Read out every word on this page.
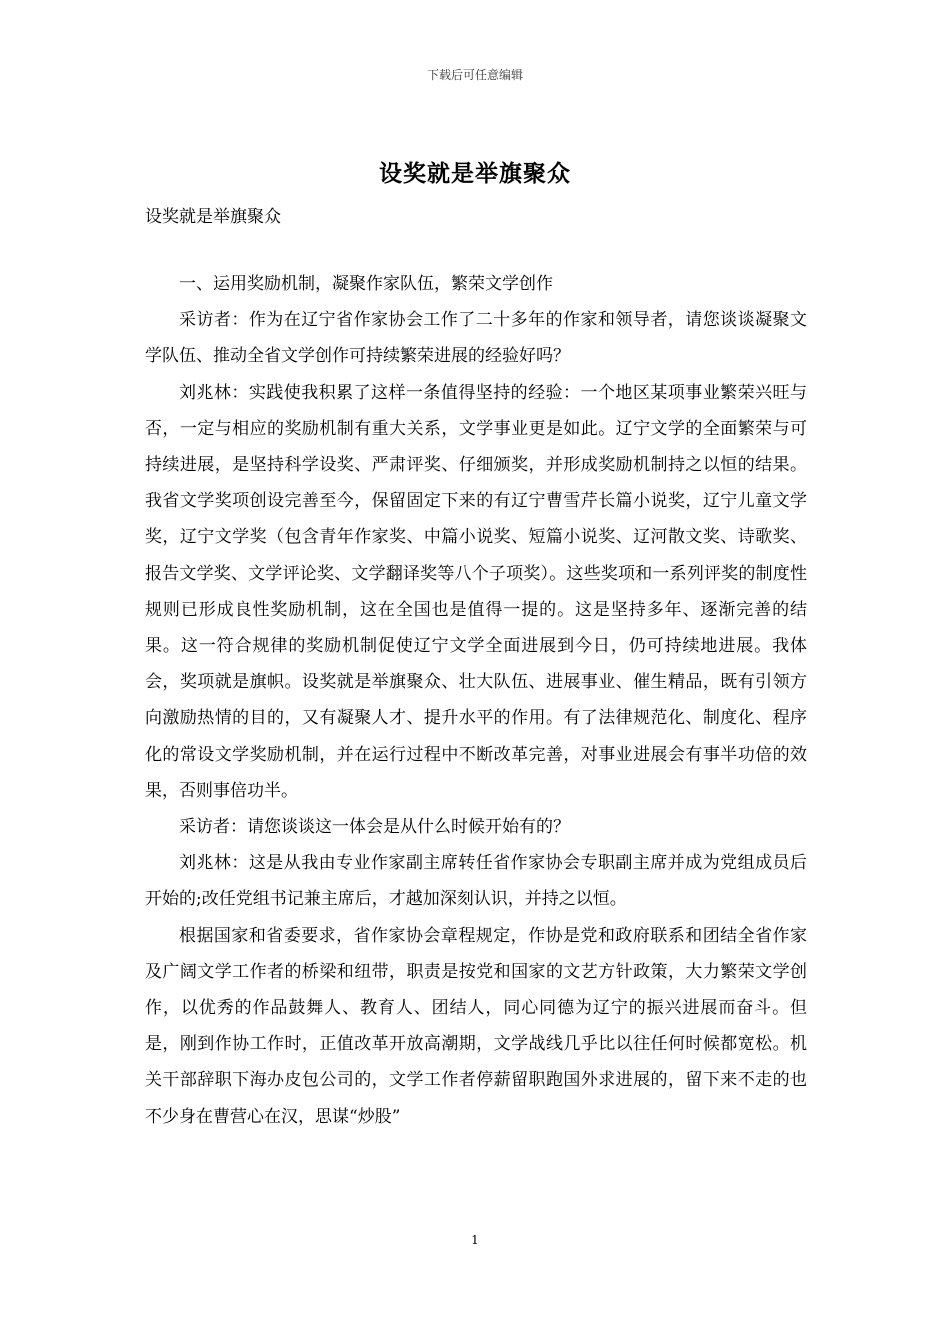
下载后可任意编辑
设奖就是举旗聚众
设奖就是举旗聚众

一、运用奖励机制，凝聚作家队伍，繁荣文学创作

采访者：作为在辽宁省作家协会工作了二十多年的作家和领导者，请您谈谈凝聚文学队伍、推动全省文学创作可持续繁荣进展的经验好吗？

刘兆林：实践使我积累了这样一条值得坚持的经验：一个地区某项事业繁荣兴旺与否，一定与相应的奖励机制有重大关系，文学事业更是如此。辽宁文学的全面繁荣与可持续进展，是坚持科学设奖、严肃评奖、仔细颁奖，并形成奖励机制持之以恒的结果。我省文学奖项创设完善至今，保留固定下来的有辽宁曹雪芹长篇小说奖，辽宁儿童文学奖，辽宁文学奖（包含青年作家奖、中篇小说奖、短篇小说奖、辽河散文奖、诗歌奖、报告文学奖、文学评论奖、文学翻译奖等八个子项奖）。这些奖项和一系列评奖的制度性规则已形成良性奖励机制，这在全国也是值得一提的。这是坚持多年、逐渐完善的结果。这一符合规律的奖励机制促使辽宁文学全面进展到今日，仍可持续地进展。我体会，奖项就是旗帜。设奖就是举旗聚众、壮大队伍、进展事业、催生精品，既有引领方向激励热情的目的，又有凝聚人才、提升水平的作用。有了法律规范化、制度化、程序化的常设文学奖励机制，并在运行过程中不断改革完善，对事业进展会有事半功倍的效果，否则事倍功半。

采访者：请您谈谈这一体会是从什么时候开始有的？

刘兆林：这是从我由专业作家副主席转任省作家协会专职副主席并成为党组成员后开始的;改任党组书记兼主席后，才越加深刻认识，并持之以恒。

根据国家和省委要求，省作家协会章程规定，作协是党和政府联系和团结全省作家及广阔文学工作者的桥梁和纽带，职责是按党和国家的文艺方针政策，大力繁荣文学创作，以优秀的作品鼓舞人、教育人、团结人，同心同德为辽宁的振兴进展而奋斗。但是，刚到作协工作时，正值改革开放高潮期，文学战线几乎比以往任何时候都宽松。机关干部辞职下海办皮包公司的，文学工作者停薪留职跑国外求进展的，留下来不走的也不少身在曹营心在汉，思谋“炒股”

1
